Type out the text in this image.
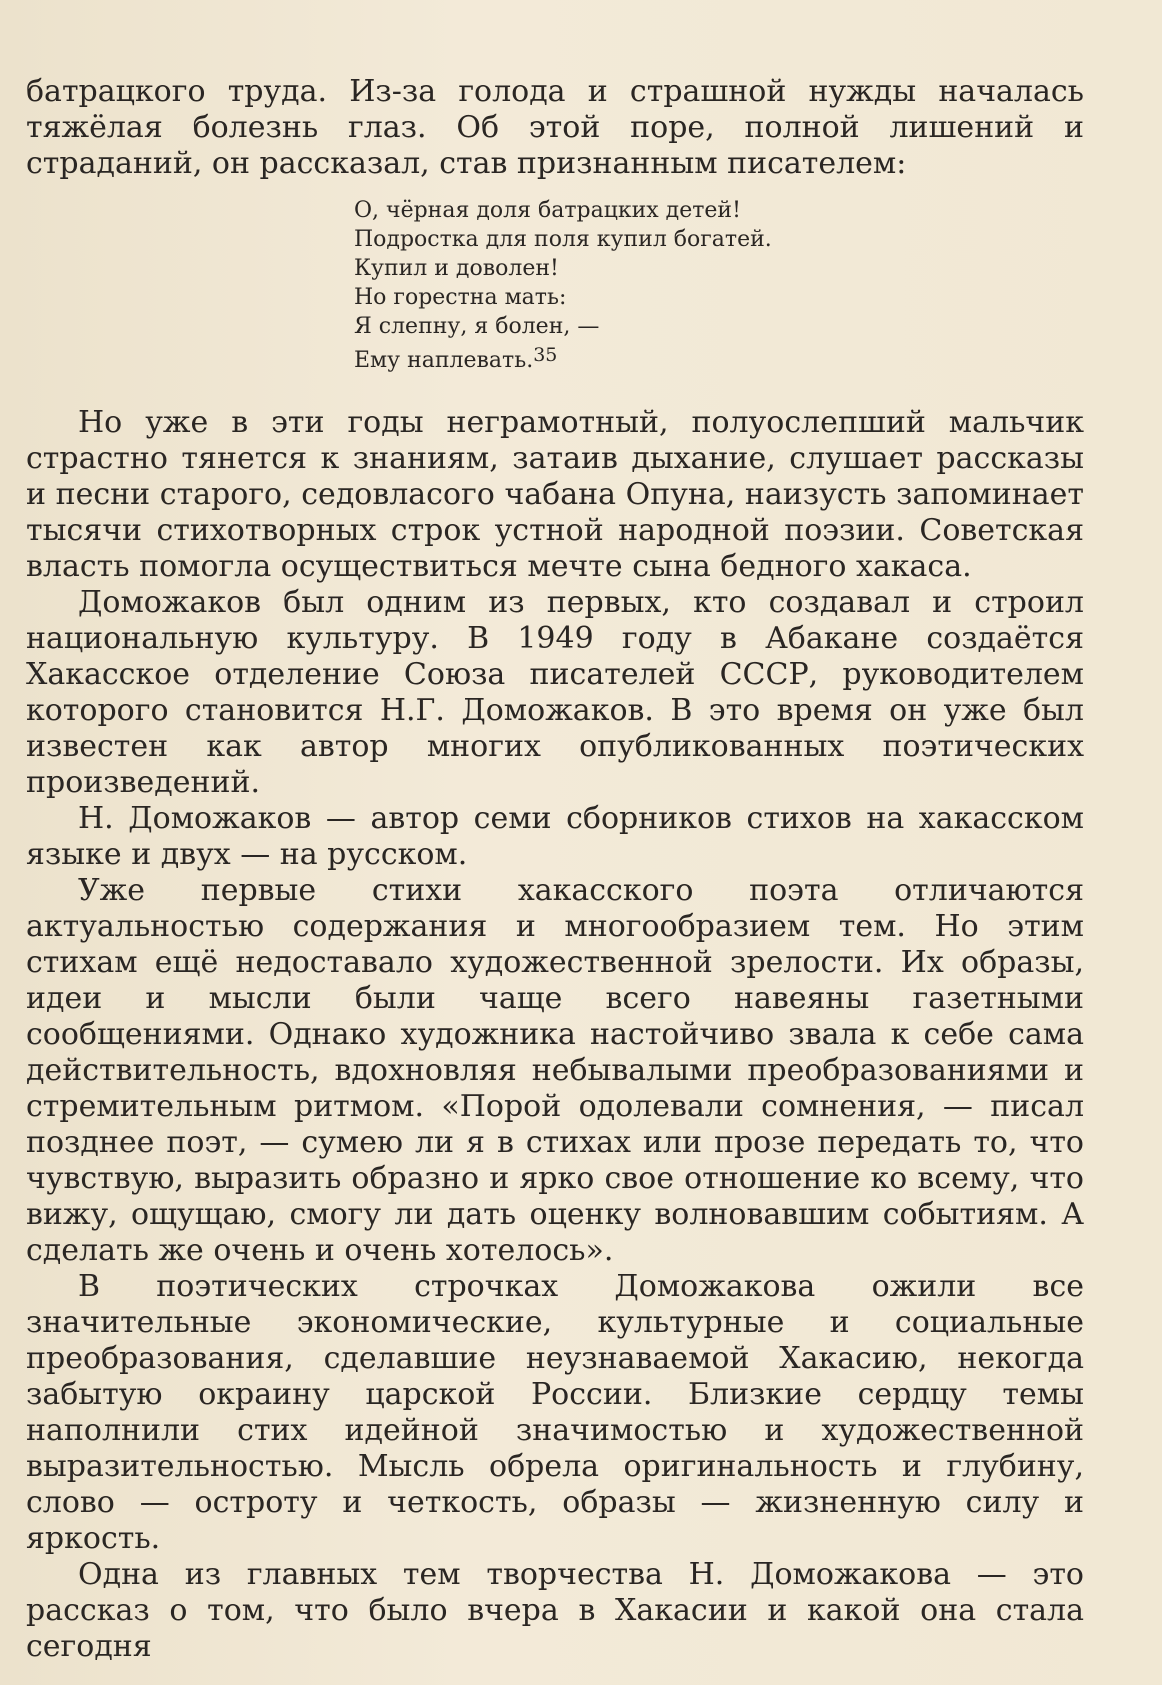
батрацкого труда. Из-за голода и страшной нужды началась тяжёлая болезнь глаз. Об этой поре, полной лишений и страданий, он рассказал, став признанным писателем:

О, чёрная доля батрацких детей!
Подростка для поля купил богатей.
Купил и доволен!
Но горестна мать:
Я слепну, я болен, —
Ему наплевать.$^{35}$

Но уже в эти годы неграмотный, полуослепший мальчик страстно тянется к знаниям, затаив дыхание, слушает рассказы и песни старого, седовласого чабана Опуна, наизусть запоминает тысячи стихотворных строк устной народной поэзии. Советская власть помогла осуществиться мечте сына бедного хакаса.

Доможаков был одним из первых, кто создавал и строил национальную культуру. В 1949 году в Абакане создаётся Хакасское отделение Союза писателей СССР, руководителем которого становится Н.Г. Доможаков. В это время он уже был известен как автор многих опубликованных поэтических произведений.

Н. Доможаков — автор семи сборников стихов на хакасском языке и двух — на русском.

Уже первые стихи хакасского поэта отличаются актуальностью содержания и многообразием тем. Но этим стихам ещё недоставало художественной зрелости. Их образы, идеи и мысли были чаще всего навеяны газетными сообщениями. Однако художника настойчиво звала к себе сама действительность, вдохновляя небывалыми преобразованиями и стремительным ритмом. «Порой одолевали сомнения, — писал позднее поэт, — сумею ли я в стихах или прозе передать то, что чувствую, выразить образно и ярко свое отношение ко всему, что вижу, ощущаю, смогу ли дать оценку волновавшим событиям. А сделать же очень и очень хотелось».

В поэтических строчках Доможакова ожили все значительные экономические, культурные и социальные преобразования, сделавшие неузнаваемой Хакасию, некогда забытую окраину царской России. Близкие сердцу темы наполнили стих идейной значимостью и художественной выразительностью. Мысль обрела оригинальность и глубину, слово — остроту и четкость, образы — жизненную силу и яркость.

Одна из главных тем творчества Н. Доможакова — это рассказ о том, что было вчера в Хакасии и какой она стала сегодня
